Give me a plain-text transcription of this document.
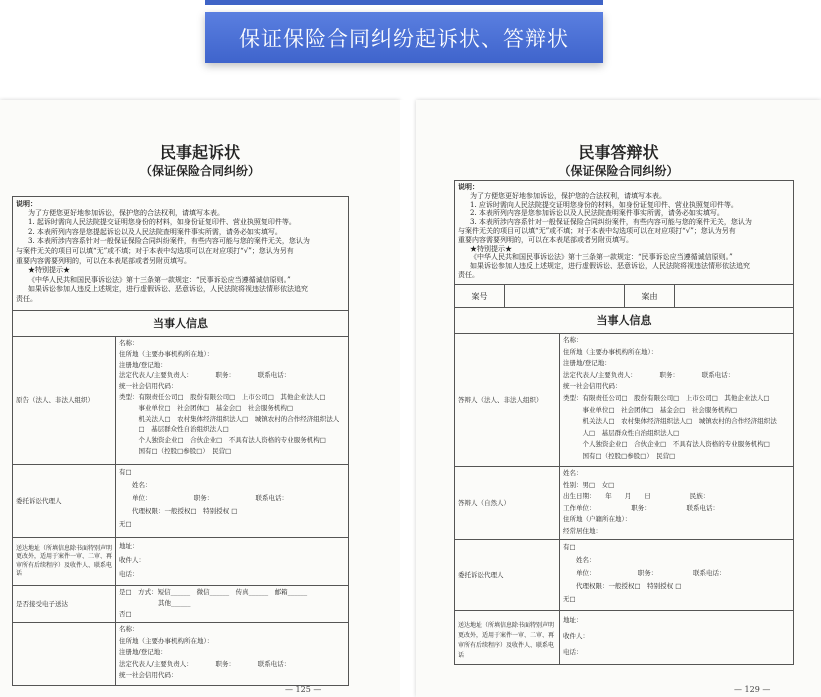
保证保险合同纠纷起诉状、答辩状
民事起诉状
（保证保险合同纠纷）
说明：
为了方便您更好地参加诉讼，保护您的合法权利，请填写本表。
1. 起诉时需向人民法院提交证明您身份的材料，如身份证复印件、营业执照复印件等。
2. 本表所列内容是您提起诉讼以及人民法院查明案件事实所需，请务必如实填写。
3. 本表所涉内容系针对一般保证保险合同纠纷案件，有些内容可能与您的案件无关，您认为
与案件无关的项目可以填“无”或不填；对于本表中勾选项可以在对应项打“√”；您认为另有
重要内容需要列明的，可以在本表尾部或者另附页填写。
★特别提示★
《中华人民共和国民事诉讼法》第十三条第一款规定：“民事诉讼应当遵循诚信原则。”
如果诉讼参加人违反上述规定，进行虚假诉讼、恶意诉讼，人民法院将视违法情形依法追究
责任。
当事人信息
原告（法人、非法人组织）
名称：
住所地（主要办事机构所在地）：
注册地/登记地：
法定代表人/主要负责人：　　　　职务：　　　　联系电话：
统一社会信用代码：
类型：有限责任公司□　股份有限公司□　上市公司□　其他企业法人□
　　　事业单位□　社会团体□　基金会□　社会服务机构□
　　　机关法人□　农村集体经济组织法人□　城镇农村的合作经济组织法人
　　　□　基层群众性自治组织法人□
　　　个人独资企业□　合伙企业□　不具有法人资格的专业服务机构□
　　　国有□（控股□参股□）　民营□
委托诉讼代理人
有□
　　姓名：
　　单位：　　　　　　　职务：　　　　　　　联系电话：
　　代理权限：一般授权□　特别授权 □
无□
送达地址（所填信息除书面特别声明更改外，适用于案件一审、二审、再审所有后续程序）及收件人、联系电话
地址：
收件人：
电话：
是否接受电子送达
是□　方式：短信______　微信______　传真______　邮箱______
　　　　　　其他______
否□
名称：
住所地（主要办事机构所在地）：
注册地/登记地：
法定代表人/主要负责人：　　　　职务：　　　　联系电话：
统一社会信用代码：
— 125 —
民事答辩状
（保证保险合同纠纷）
说明：
为了方便您更好地参加诉讼，保护您的合法权利，请填写本表。
1. 应诉时需向人民法院提交证明您身份的材料，如身份证复印件、营业执照复印件等。
2. 本表所列内容是您参加诉讼以及人民法院查明案件事实所需，请务必如实填写。
3. 本表所涉内容系针对一般保证保险合同纠纷案件，有些内容可能与您的案件无关，您认为
与案件无关的项目可以填“无”或不填；对于本表中勾选项可以在对应项打“√”；您认为另有
重要内容需要列明的，可以在本表尾部或者另附页填写。
★特别提示★
《中华人民共和国民事诉讼法》第十三条第一款规定：“民事诉讼应当遵循诚信原则。”
如果诉讼参加人违反上述规定，进行虚假诉讼、恶意诉讼，人民法院将视违法情形依法追究
责任。
案号	案由
当事人信息
答辩人（法人、非法人组织）
名称：
住所地（主要办事机构所在地）：
注册地/登记地：
法定代表人/主要负责人：　　　　职务：　　　　联系电话：
统一社会信用代码：
类型：有限责任公司□　股份有限公司□　上市公司□　其他企业法人□
　　　事业单位□　社会团体□　基金会□　社会服务机构□
　　　机关法人□　农村集体经济组织法人□　城镇农村的合作经济组织法
　　　人□　基层群众性自治组织法人□
　　　个人独资企业□　合伙企业□　不具有法人资格的专业服务机构□
　　　国有□（控股□参股□）　民营□
答辩人（自然人）
姓名：
性别：男□　女□
出生日期：　　年　　月　　日　　　　　　民族：
工作单位：　　　　　　职务：　　　　　　联系电话：
住所地（户籍所在地）：
经常居住地：
委托诉讼代理人
有□
　　姓名：
　　单位：　　　　　　　职务：　　　　　　联系电话：
　　代理权限：一般授权□　特别授权 □
无□
送达地址（所填信息除书面特别声明更改外，适用于案件一审、二审、再审所有后续程序）及收件人、联系电话
地址：
收件人：
电话：
— 129 —
